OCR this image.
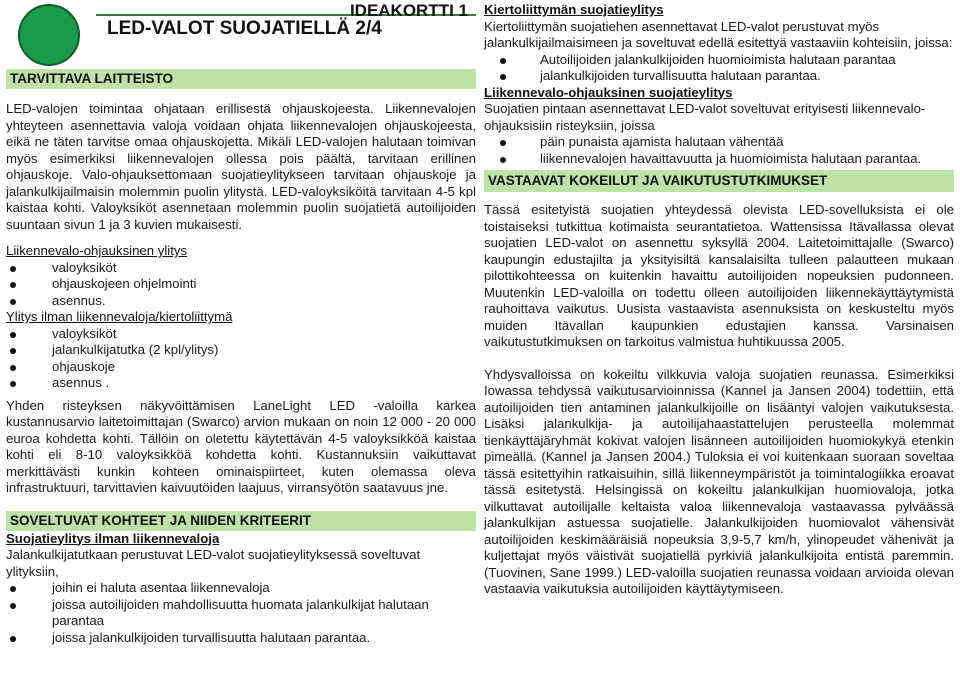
IDEAKORTTI 1
LED-VALOT SUOJATIELLÄ 2/4
TARVITTAVA LAITTEISTO

LED-valojen toimintaa ohjataan erillisestä ohjauskojeesta. Liikennevalojen yhteyteen asennettavia valoja voidaan ohjata liikennevalojen ohjauskojeesta, eikä ne täten tarvitse omaa ohjauskojetta. Mikäli LED-valojen halutaan toimivan myös esimerkiksi liikennevalojen ollessa pois päältä, tarvitaan erillinen ohjauskoje. Valo-ohjauksettomaan suojatieylitykseen tarvitaan ohjauskoje ja jalankulkijailmaisin molemmin puolin ylitystä. LED-valoyksiköitä tarvitaan 4-5 kpl kaistaa kohti. Valoyksiköt asennetaan molemmin puolin suojatietä autoilijoiden suuntaan sivun 1 ja 3 kuvien mukaisesti.

Liikennevalo-ohjauksinen ylitys
valoyksiköt
ohjauskojeen ohjelmointi
asennus.
Ylitys ilman liikennevaloja/kiertoliittymä
valoyksiköt
jalankulkijatutka (2 kpl/ylitys)
ohjauskoje
asennus .

Yhden risteyksen näkyvöittämisen LaneLight LED -valoilla karkea kustannusarvio laitetoimittajan (Swarco) arvion mukaan on noin 12 000 - 20 000 euroa kohdetta kohti. Tällöin on oletettu käytettävän 4-5 valoyksikköä kaistaa kohti eli 8-10 valoyksikköä kohdetta kohti. Kustannuksiin vaikuttavat merkittävästi kunkin kohteen ominaispiirteet, kuten olemassa oleva infrastruktuuri, tarvittavien kaivuutöiden laajuus, virransyötön saatavuus jne.

SOVELTUVAT KOHTEET JA NIIDEN KRITEERIT
Suojatieylitys ilman liikennevaloja

Jalankulkijatutkaan perustuvat LED-valot suojatieylityksessä soveltuvat ylityksiin,

joihin ei haluta asentaa liikennevaloja
joissa autoilijoiden mahdollisuutta huomata jalankulkijat halutaan parantaa
joissa jalankulkijoiden turvallisuutta halutaan parantaa.
Kiertoliittymän suojatieylitys

Kiertoliittymän suojatiehen asennettavat LED-valot perustuvat myös jalankulkijailmaisimeen ja soveltuvat edellä esitettyä vastaaviin kohteisiin, joissa:

Autoilijoiden jalankulkijoiden huomioimista halutaan parantaa
jalankulkijoiden turvallisuutta halutaan parantaa.
Liikennevalo-ohjauksinen suojatieylitys

Suojatien pintaan asennettavat LED-valot soveltuvat erityisesti liikennevalo-ohjauksisiin risteyksiin, joissa

päin punaista ajamista halutaan vähentää
liikennevalojen havaittavuutta ja huomioimista halutaan parantaa.
VASTAAVAT KOKEILUT JA VAIKUTUSTUTKIMUKSET

Tässä esitetyistä suojatien yhteydessä olevista LED-sovelluksista ei ole toistaiseksi tutkittua kotimaista seurantatietoa. Wattensissa Itävallassa olevat suojatien LED-valot on asennettu syksyllä 2004. Laitetoimittajalle (Swarco) kaupungin edustajilta ja yksityisiltä kansalaisilta tulleen palautteen mukaan pilottikohteessa on kuitenkin havaittu autoilijoiden nopeuksien pudonneen. Muutenkin LED-valoilla on todettu olleen autoilijoiden liikennekäyttäytymistä rauhoittava vaikutus. Uusista vastaavista asennuksista on keskusteltu myös muiden Itävallan kaupunkien edustajien kanssa. Varsinaisen vaikutustutkimuksen on tarkoitus valmistua huhtikuussa 2005.

Yhdysvalloissa on kokeiltu vilkkuvia valoja suojatien reunassa. Esimerkiksi Iowassa tehdyssä vaikutusarvioinnissa (Kannel ja Jansen 2004) todettiin, että autoilijoiden tien antaminen jalankulkijoille on lisääntyi valojen vaikutuksesta. Lisäksi jalankulkija- ja autoilijahaastattelujen perusteella molemmat tienkäyttäjäryhmät kokivat valojen lisänneen autoilijoiden huomiokykyä etenkin pimeällä. (Kannel ja Jansen 2004.) Tuloksia ei voi kuitenkaan suoraan soveltaa tässä esitettyihin ratkaisuihin, sillä liikenneympäristöt ja toimintalogiikka eroavat tässä esitetystä. Helsingissä on kokeiltu jalankulkijan huomiovaloja, jotka vilkuttavat autoilijalle keltaista valoa liikennevaloja vastaavassa pylväässä jalankulkijan astuessa suojatielle. Jalankulkijoiden huomiovalot vähensivät autoilijoiden keskimääräisiä nopeuksia 3,9-5,7 km/h, ylinopeudet vähenivät ja kuljettajat myös väistivät suojatiellä pyrkiviä jalankulkijoita entistä paremmin. (Tuovinen, Sane 1999.) LED-valoilla suojatien reunassa voidaan arvioida olevan vastaavia vaikutuksia autoilijoiden käyttäytymiseen.
